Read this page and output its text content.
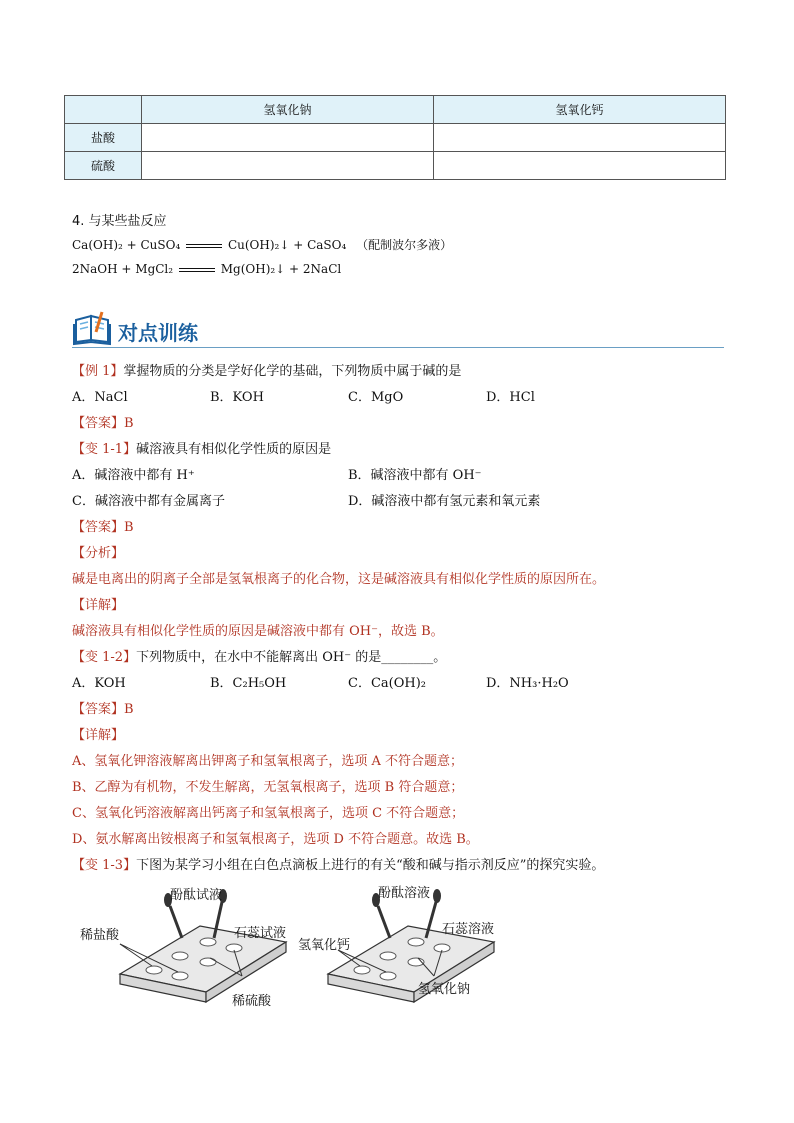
	氢氧化钠	氢氧化钙
盐酸		
硫酸		
4. 与某些盐反应
Ca(OH)₂ + CuSO₄	Cu(OH)₂↓ + CaSO₄ （配制波尔多液）
2NaOH + MgCl₂	Mg(OH)₂↓ + 2NaCl
对点训练
【例 1】掌握物质的分类是学好化学的基础，下列物质中属于碱的是
A．NaCl	B．KOH	C．MgO	D．HCl
【答案】B
【变 1-1】碱溶液具有相似化学性质的原因是
A．碱溶液中都有 H⁺	B．碱溶液中都有 OH⁻
C．碱溶液中都有金属离子	D．碱溶液中都有氢元素和氧元素
【答案】B
【分析】
碱是电离出的阴离子全部是氢氧根离子的化合物，这是碱溶液具有相似化学性质的原因所在。
【详解】
碱溶液具有相似化学性质的原因是碱溶液中都有 OH⁻，故选 B。
【变 1-2】下列物质中，在水中不能解离出 OH⁻ 的是________。
A．KOH	B．C₂H₅OH	C．Ca(OH)₂	D．NH₃·H₂O
【答案】B
【详解】
A、氢氧化钾溶液解离出钾离子和氢氧根离子，选项 A 不符合题意；
B、乙醇为有机物，不发生解离，无氢氧根离子，选项 B 符合题意；
C、氢氧化钙溶液解离出钙离子和氢氧根离子，选项 C 不符合题意；
D、氨水解离出铵根离子和氢氧根离子，选项 D 不符合题意。故选 B。
【变 1-3】下图为某学习小组在白色点滴板上进行的有关“酸和碱与指示剂反应”的探究实验。
酚酞试液
石蕊试液
稀盐酸
稀硫酸
酚酞溶液
石蕊溶液
氢氧化钙
氢氧化钠
